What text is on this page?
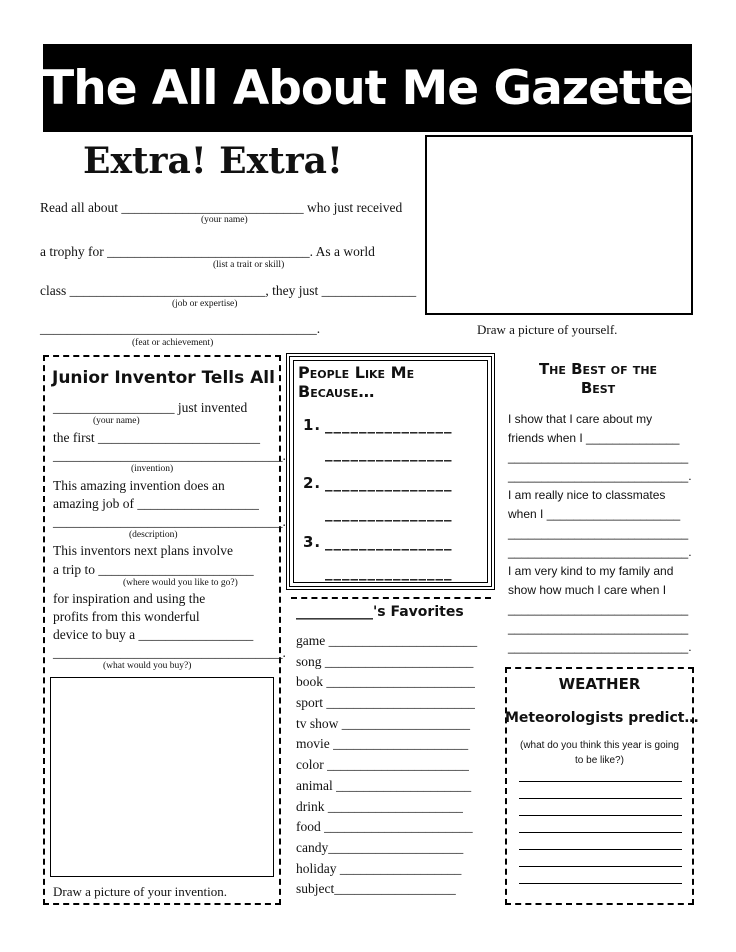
The All About Me Gazette
Extra! Extra!
Read all about ___________________________ who just received
(your name)
a trophy for ______________________________. As a world
(list a trait or skill)
class _____________________________, they just ______________
(job or expertise)
_________________________________________.
(feat or achievement)
Draw a picture of yourself.
Junior Inventor Tells All
__________________ just invented
(your name)
the first ________________________
__________________________________.
(invention)
This amazing invention does an
amazing job of __________________
__________________________________.
(description)
This inventors next plans involve
a trip to _______________________
(where would you like to go?)
for inspiration and using the
profits from this wonderful
device to buy a _________________
__________________________________.
(what would you buy?)
Draw a picture of your invention.
People Like Me
Because…
1. _______________
_______________
2. _______________
_______________
3. _______________
_______________
___________'s Favorites
game ______________________
song ______________________
book ______________________
sport ______________________
tv show ___________________
movie ____________________
color _____________________
animal ____________________
drink ____________________
food ______________________
candy____________________
holiday __________________
subject__________________
The Best of the
Best
I show that I care about my
friends when I ______________
___________________________
___________________________.
I am really nice to classmates
when I ____________________
___________________________
___________________________.
I am very kind to my family and
show how much I care when I
___________________________
___________________________
___________________________.
WEATHER
Meteorologists predict…
(what do you think this year is going
to be like?)
